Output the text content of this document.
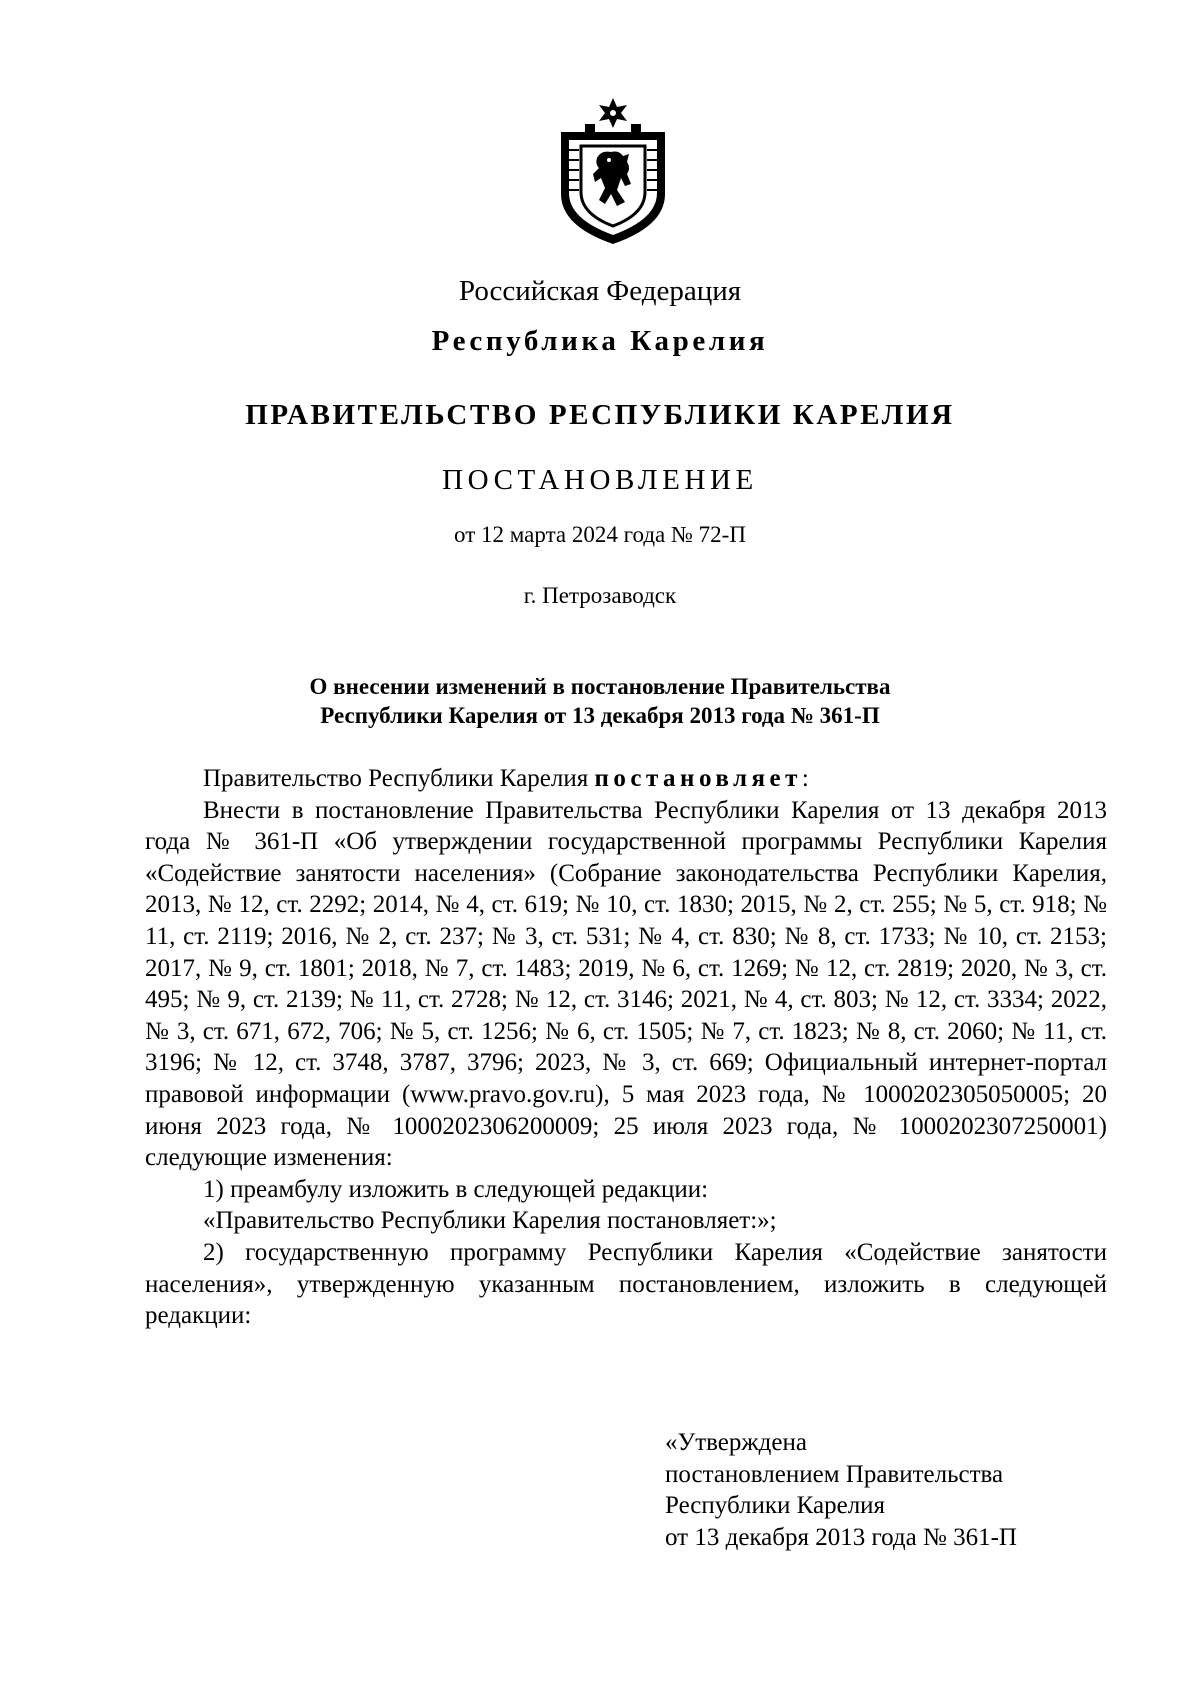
Российская Федерация
Республика Карелия
ПРАВИТЕЛЬСТВО РЕСПУБЛИКИ КАРЕЛИЯ
ПОСТАНОВЛЕНИЕ
от 12 марта 2024 года № 72-П
г. Петрозаводск
О внесении изменений в постановление Правительства
Республики Карелия от 13 декабря 2013 года № 361-П

Правительство Республики Карелия постановляет:

Внести в постановление Правительства Республики Карелия от 13 декабря 2013 года № 361-П «Об утверждении государственной программы Республики Карелия «Содействие занятости населения» (Собрание законодательства Республики Карелия, 2013, № 12, ст. 2292; 2014, № 4, ст. 619; № 10, ст. 1830; 2015, № 2, ст. 255; № 5, ст. 918; № 11, ст. 2119; 2016, № 2, ст. 237; № 3, ст. 531; № 4, ст. 830; № 8, ст. 1733; № 10, ст. 2153; 2017, № 9, ст. 1801; 2018, № 7, ст. 1483; 2019, № 6, ст. 1269; № 12, ст. 2819; 2020, № 3, ст. 495; № 9, ст. 2139; № 11, ст. 2728; № 12, ст. 3146; 2021, № 4, ст. 803; № 12, ст. 3334; 2022, № 3, ст. 671, 672, 706; № 5, ст. 1256; № 6, ст. 1505; № 7, ст. 1823; № 8, ст. 2060; № 11, ст. 3196; № 12, ст. 3748, 3787, 3796; 2023, № 3, ст. 669; Официальный интернет-портал правовой информации (www.pravo.gov.ru), 5 мая 2023 года, № 1000202305050005; 20 июня 2023 года, № 1000202306200009; 25 июля 2023 года, № 1000202307250001) следующие изменения:

1) преамбулу изложить в следующей редакции:

«Правительство Республики Карелия постановляет:»;

2) государственную программу Республики Карелия «Содействие занятости населения», утвержденную указанным постановлением, изложить в следующей редакции:

«Утверждена
постановлением Правительства
Республики Карелия
от 13 декабря 2013 года № 361-П
